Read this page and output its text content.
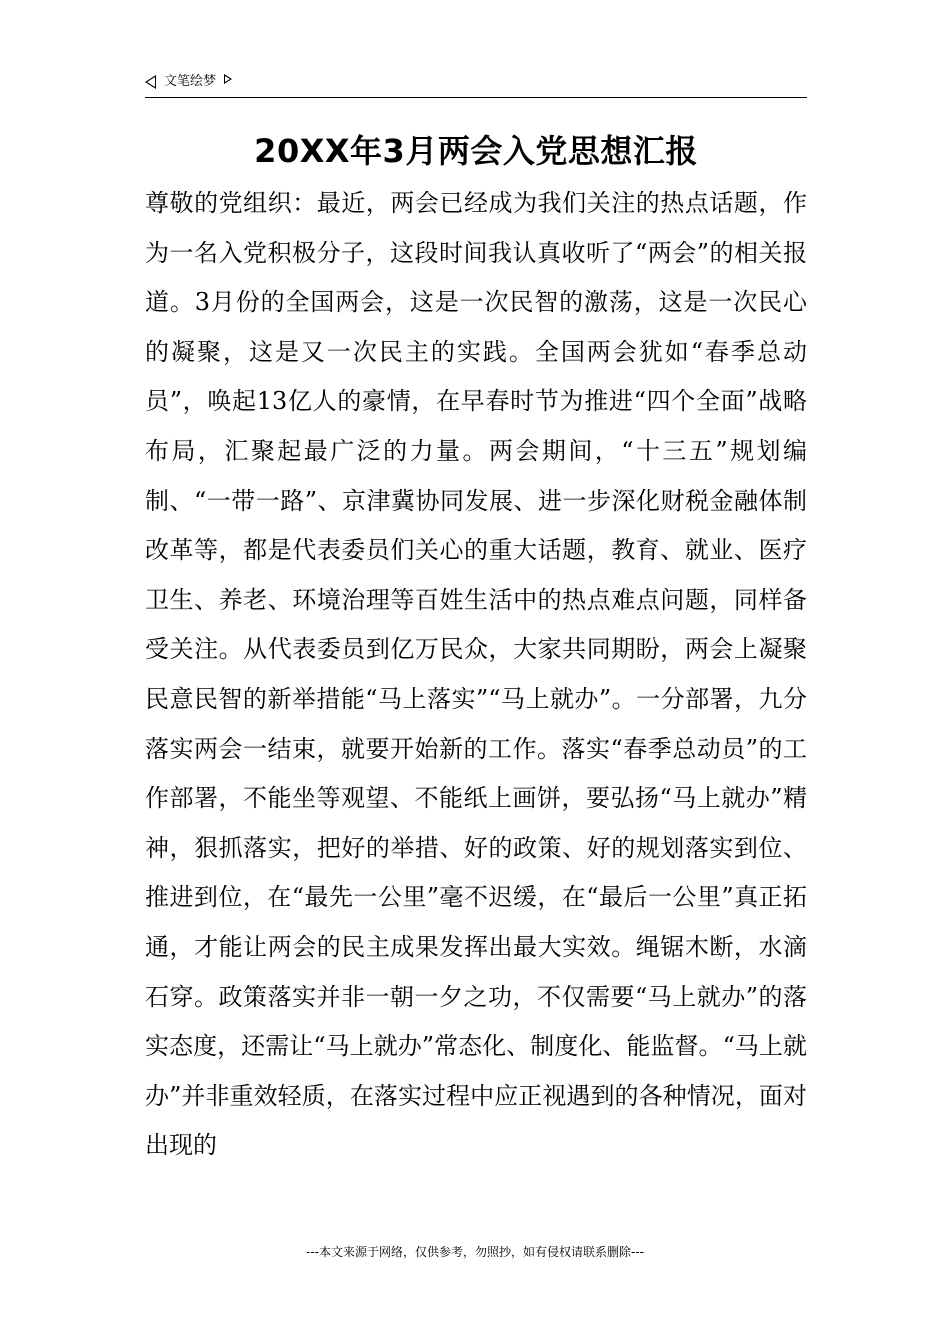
文笔绘梦
20XX年3月两会入党思想汇报

尊敬的党组织：最近，两会已经成为我们关注的热点话题，作为一名入党积极分子，这段时间我认真收听了“两会”的相关报道。3月份的全国两会，这是一次民智的激荡，这是一次民心的凝聚，这是又一次民主的实践。全国两会犹如“春季总动员”，唤起13亿人的豪情，在早春时节为推进“四个全面”战略布局，汇聚起最广泛的力量。两会期间，“十三五”规划编制、“一带一路”、京津冀协同发展、进一步深化财税金融体制改革等，都是代表委员们关心的重大话题，教育、就业、医疗卫生、养老、环境治理等百姓生活中的热点难点问题，同样备受关注。从代表委员到亿万民众，大家共同期盼，两会上凝聚民意民智的新举措能“马上落实”“马上就办”。一分部署，九分落实两会一结束，就要开始新的工作。落实“春季总动员”的工作部署，不能坐等观望、不能纸上画饼，要弘扬“马上就办”精神，狠抓落实，把好的举措、好的政策、好的规划落实到位、推进到位，在“最先一公里”毫不迟缓，在“最后一公里”真正拓通，才能让两会的民主成果发挥出最大实效。绳锯木断，水滴石穿。政策落实并非一朝一夕之功，不仅需要“马上就办”的落实态度，还需让“马上就办”常态化、制度化、能监督。“马上就办”并非重效轻质，在落实过程中应正视遇到的各种情况，面对出现的

---本文来源于网络，仅供参考，勿照抄，如有侵权请联系删除---
